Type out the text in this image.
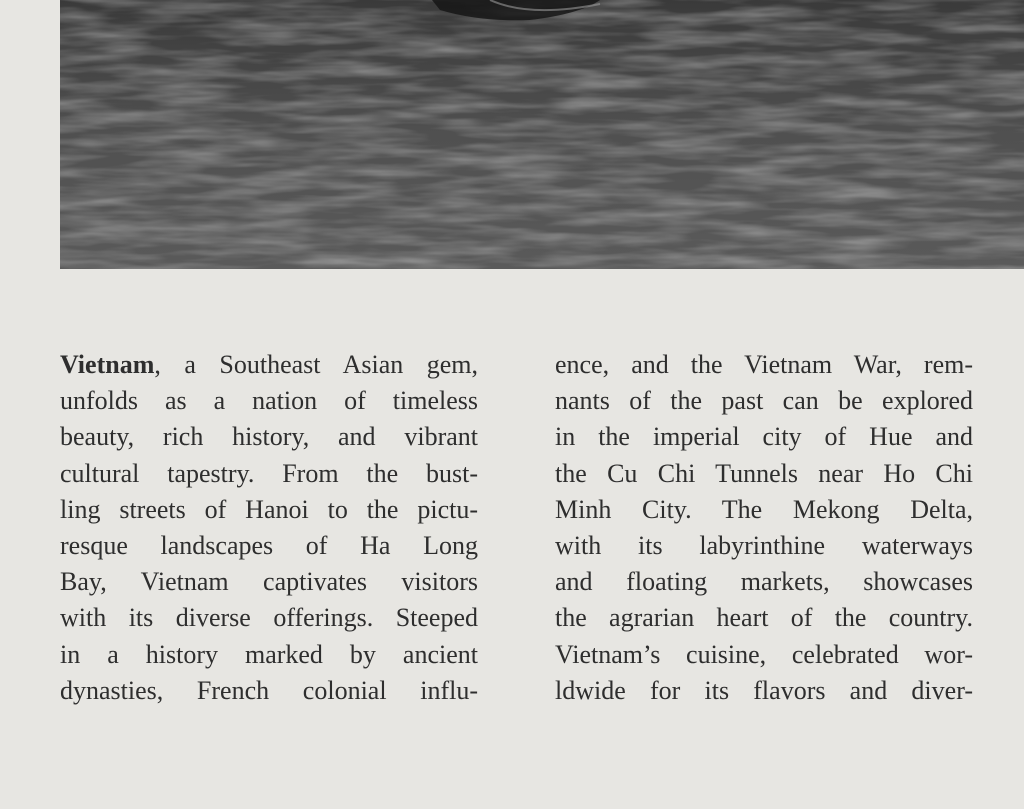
Vietnam, a Southeast Asian gem,
unfolds as a nation of timeless
beauty, rich history, and vibrant
cultural tapestry. From the bust-
ling streets of Hanoi to the pictu-
resque landscapes of Ha Long
Bay, Vietnam captivates visitors
with its diverse offerings. Steeped
in a history marked by ancient
dynasties, French colonial influ-
ence, and the Vietnam War, rem-
nants of the past can be explored
in the imperial city of Hue and
the Cu Chi Tunnels near Ho Chi
Minh City. The Mekong Delta,
with its labyrinthine waterways
and floating markets, showcases
the agrarian heart of the country.
Vietnam’s cuisine, celebrated wor-
ldwide for its flavors and diver-
